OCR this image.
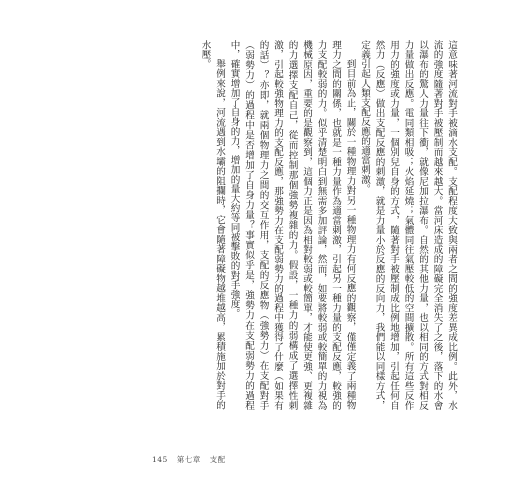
這意味著河流對手被滴水支配。支配程度大致與兩者之間的強度差異成比例。此外，水流的強度隨著對手被壓制而越來越大。當河床造成的障礙完全消失了之後，落下的水會以瀑布的驚人力量往下衝，就像尼加拉瀑布。自然的其他力量，也以相同的方式對相反力量做出反應。電同類相吸；火焰延燒；氣體同往氣壓較低的空間擴散。所有這些反作用力的強度或力量，一個別兒自身的方式，隨著對手被壓制成比例地增加，引起任何自然力（反應）做出支配反應的刺激，就是力量小於反應的反向力，我們能以同樣方式，定義引起人類支配反應的適當刺激。

到目前為止，關於一種物理力對另一種物理力有何反應的觀察，僅僅定義了兩種物理力之間的關係，也就是一種力量作為適當刺激，引起另一種力量的支配反應，較強的力支配較弱的力。似乎清楚明白到無需多加評論，然而，如要將較弱或較簡單的力視為機械原因，重要的是觀察到，這個力正是因為相對較弱或較簡單，才能使更強、更複雜的力選擇支配自己，從而控制那個強勢複雜的力。假設，一種力的弱構成了選擇性刺激，引起較強物理力的支配反應，那強勢力在支配弱勢力的過程中獲得了什麼（如果有的話）？亦即，就兩個物理力之間的交互作用，支配的反應物（強勢力）在支配對手（弱勢力）的過程中是否增加了自身力量？事實似乎是，強勢力在支配弱勢力的過程中，確實增加了自身的力，增加的量大約等同被擊敗的對手強度。

舉例來說，河流遇到水壩的阻攔時，它會隨著障礙物越堆越高，累積施加於對手的水壓。

145 第七章 支配
